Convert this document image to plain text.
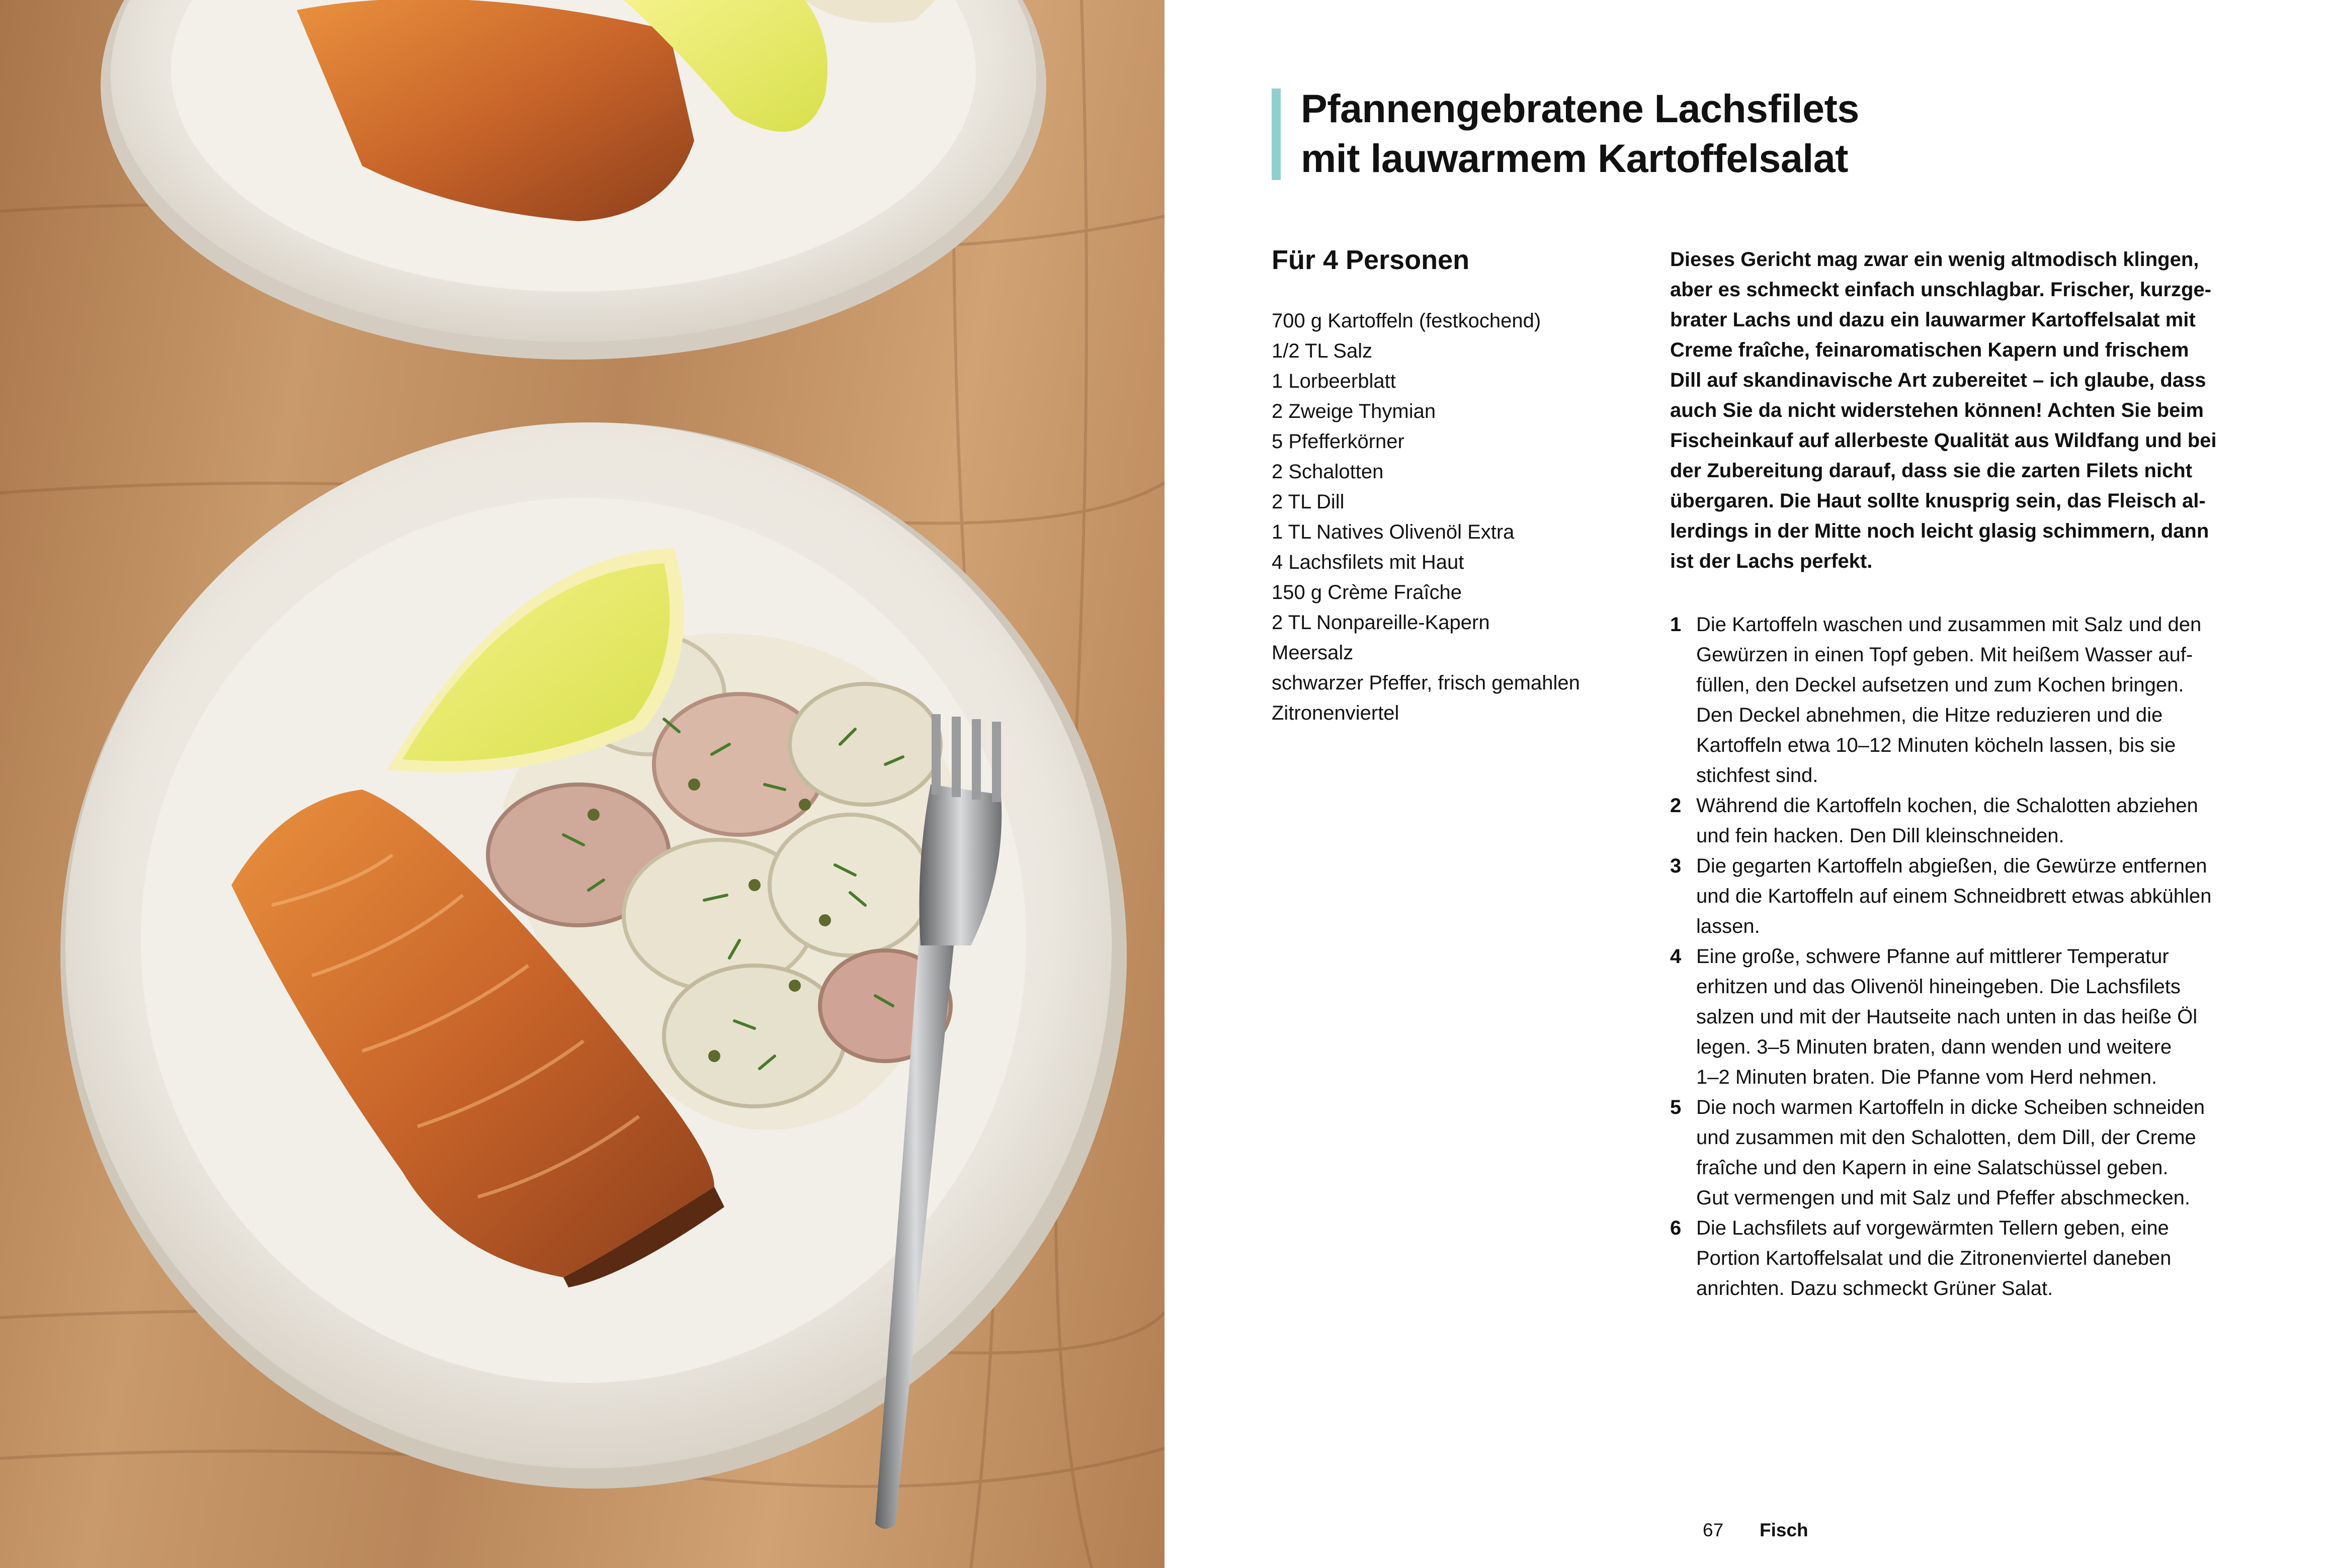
Pfannengebratene Lachsfilets
mit lauwarmem Kartoffelsalat
Für 4 Personen
700 g Kartoffeln (festkochend)
1/2 TL Salz
1 Lorbeerblatt
2 Zweige Thymian
5 Pfefferkörner
2 Schalotten
2 TL Dill
1 TL Natives Olivenöl Extra
4 Lachsfilets mit Haut
150 g Crème Fraîche
2 TL Nonpareille-Kapern
Meersalz
schwarzer Pfeffer, frisch gemahlen
Zitronenviertel
Dieses Gericht mag zwar ein wenig altmodisch klingen,
aber es schmeckt einfach unschlagbar. Frischer, kurzge-
brater Lachs und dazu ein lauwarmer Kartoffelsalat mit
Creme fraîche, feinaromatischen Kapern und frischem
Dill auf skandinavische Art zubereitet – ich glaube, dass
auch Sie da nicht widerstehen können! Achten Sie beim
Fischeinkauf auf allerbeste Qualität aus Wildfang und bei
der Zubereitung darauf, dass sie die zarten Filets nicht
übergaren. Die Haut sollte knusprig sein, das Fleisch al-
lerdings in der Mitte noch leicht glasig schimmern, dann
ist der Lachs perfekt.
1 Die Kartoffeln waschen und zusammen mit Salz und den
Gewürzen in einen Topf geben. Mit heißem Wasser auf-
füllen, den Deckel aufsetzen und zum Kochen bringen.
Den Deckel abnehmen, die Hitze reduzieren und die
Kartoffeln etwa 10–12 Minuten köcheln lassen, bis sie
stichfest sind.
2 Während die Kartoffeln kochen, die Schalotten abziehen
und fein hacken. Den Dill kleinschneiden.
3 Die gegarten Kartoffeln abgießen, die Gewürze entfernen
und die Kartoffeln auf einem Schneidbrett etwas abkühlen
lassen.
4 Eine große, schwere Pfanne auf mittlerer Temperatur
erhitzen und das Olivenöl hineingeben. Die Lachsfilets
salzen und mit der Hautseite nach unten in das heiße Öl
legen. 3–5 Minuten braten, dann wenden und weitere
1–2 Minuten braten. Die Pfanne vom Herd nehmen.
5 Die noch warmen Kartoffeln in dicke Scheiben schneiden
und zusammen mit den Schalotten, dem Dill, der Creme
fraîche und den Kapern in eine Salatschüssel geben.
Gut vermengen und mit Salz und Pfeffer abschmecken.
6 Die Lachsfilets auf vorgewärmten Tellern geben, eine
Portion Kartoffelsalat und die Zitronenviertel daneben
anrichten. Dazu schmeckt Grüner Salat.
67 Fisch
